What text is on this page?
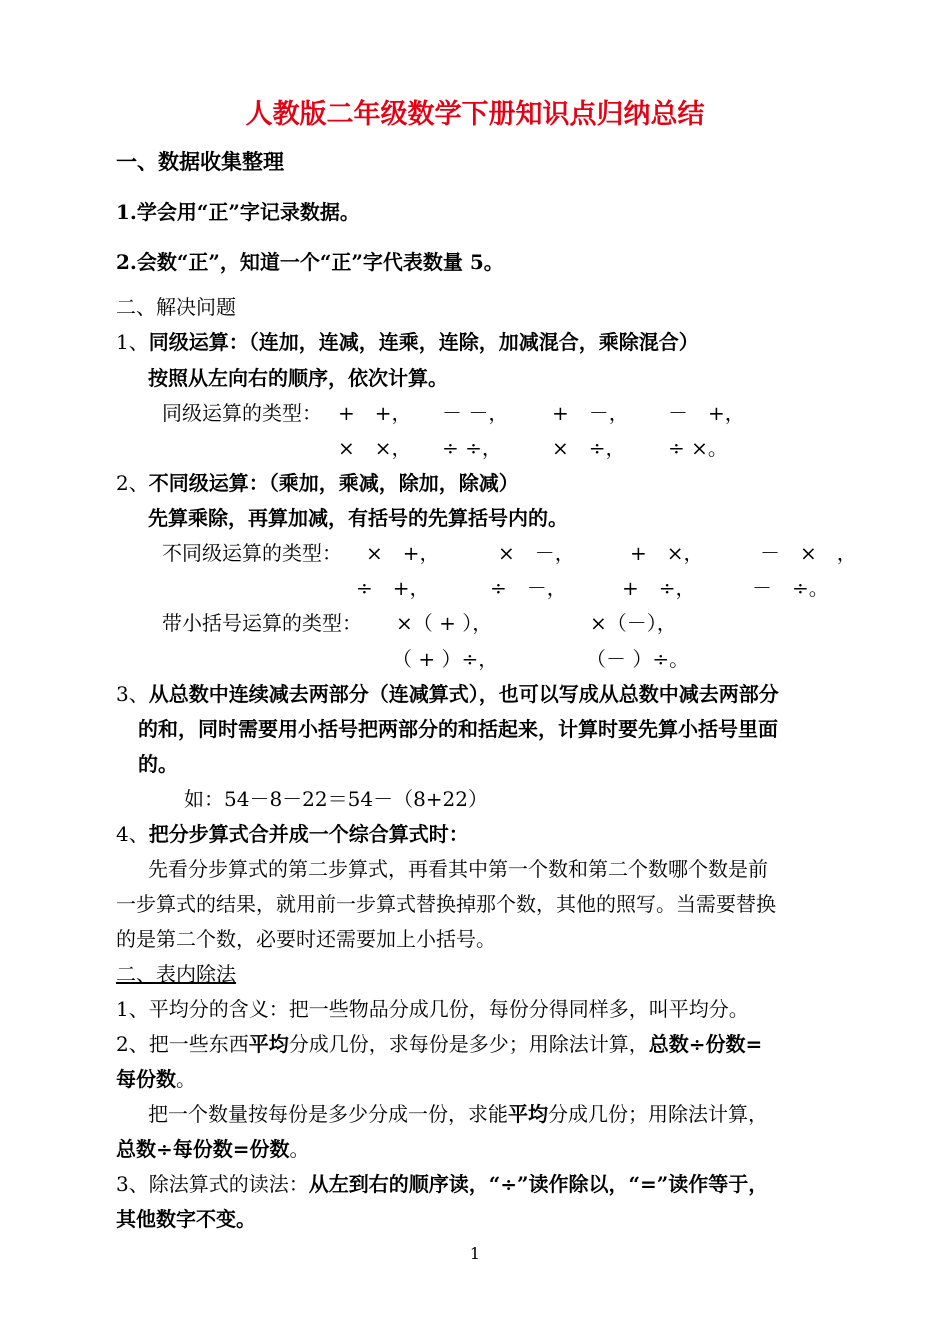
人教版二年级数学下册知识点归纳总结
一、数据收集整理
1.学会用“正”字记录数据。
2.会数“正”，知道一个“正”字代表数量 5。
二、解决问题
1、同级运算：（连加，连减，连乘，连除，加减混合，乘除混合）
按照从左向右的顺序，依次计算。
同级运算的类型： +　+， － －， +　－， －　+，
×　×， ÷ ÷，	×　÷， ÷ ×。
2、不同级运算：（乘加，乘减，除加，除减）
先算乘除，再算加减，有括号的先算括号内的。
不同级运算的类型： ×　+，	×　－，	+　×，	－　×　，
÷　+，	÷　－，	+　÷，	－　÷。
带小括号运算的类型： ×（ + ），	×（－），
（ + ）÷，	（－ ）÷。
3、从总数中连续减去两部分（连减算式），也可以写成从总数中减去两部分
的和，同时需要用小括号把两部分的和括起来，计算时要先算小括号里面
的。
如：54－8－22＝54－（8+22）
4、把分步算式合并成一个综合算式时：
先看分步算式的第二步算式，再看其中第一个数和第二个数哪个数是前
一步算式的结果，就用前一步算式替换掉那个数，其他的照写。当需要替换
的是第二个数，必要时还需要加上小括号。
二、表内除法
1、平均分的含义：把一些物品分成几份，每份分得同样多，叫平均分。
2、把一些东西平均分成几份，求每份是多少；用除法计算，总数÷份数=
每份数。
把一个数量按每份是多少分成一份，求能平均分成几份；用除法计算，
总数÷每份数=份数。
3、除法算式的读法：从左到右的顺序读，“÷”读作除以，“=”读作等于，
其他数字不变。
1
